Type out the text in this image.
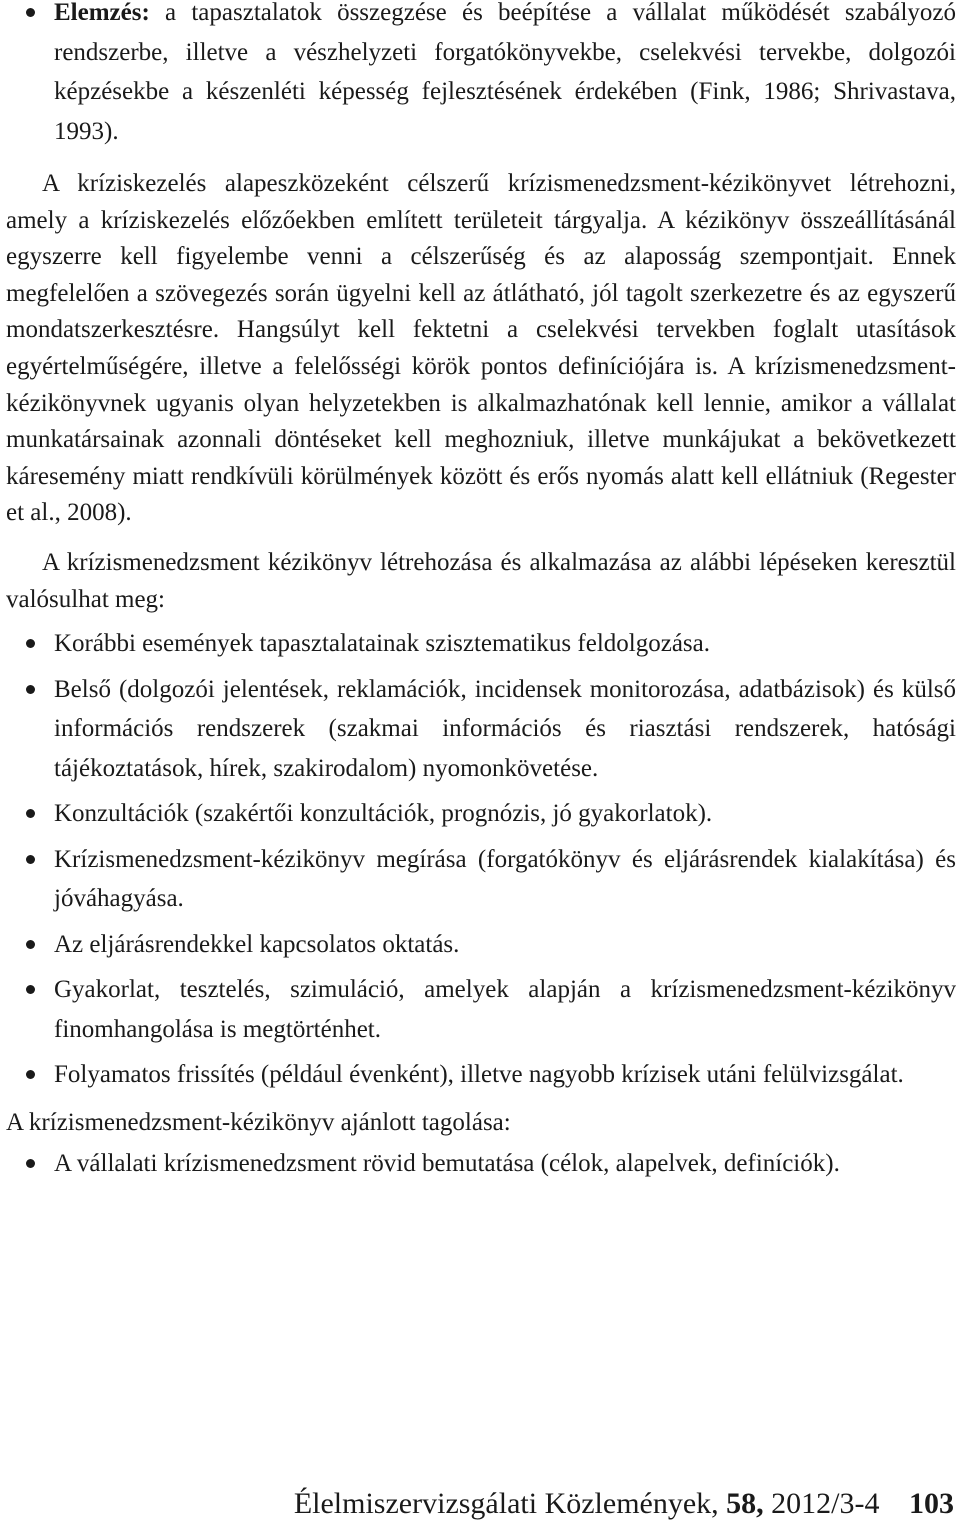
Elemzés: a tapasztalatok összegzése és beépítése a vállalat működését szabályozó rendszerbe, illetve a vészhelyzeti forgatókönyvekbe, cselekvési tervekbe, dolgozói képzésekbe a készenléti képesség fejlesztésének érdekében (Fink, 1986; Shrivastava, 1993).

A kríziskezelés alapeszközeként célszerű krízismenedzsment-kézikönyvet létrehozni, amely a kríziskezelés előzőekben említett területeit tárgyalja. A kézikönyv összeállításánál egyszerre kell figyelembe venni a célszerűség és az alaposság szempontjait. Ennek megfelelően a szövegezés során ügyelni kell az átlátható, jól tagolt szerkezetre és az egyszerű mondatszerkesztésre. Hangsúlyt kell fektetni a cselekvési tervekben foglalt utasítások egyértelműségére, illetve a felelősségi körök pontos definíciójára is. A krízismenedzsment-kézikönyvnek ugyanis olyan helyzetekben is alkalmazhatónak kell lennie, amikor a vállalat munkatársainak azonnali döntéseket kell meghozniuk, illetve munkájukat a bekövetkezett káresemény miatt rendkívüli körülmények között és erős nyomás alatt kell ellátniuk (Regester et al., 2008).

A krízismenedzsment kézikönyv létrehozása és alkalmazása az alábbi lépéseken keresztül valósulhat meg:

Korábbi események tapasztalatainak szisztematikus feldolgozása.
Belső (dolgozói jelentések, reklamációk, incidensek monitorozása, adatbázisok) és külső információs rendszerek (szakmai információs és riasztási rendszerek, hatósági tájékoztatások, hírek, szakirodalom) nyomonkövetése.
Konzultációk (szakértői konzultációk, prognózis, jó gyakorlatok).
Krízismenedzsment-kézikönyv megírása (forgatókönyv és eljárásrendek kialakítása) és jóváhagyása.
Az eljárásrendekkel kapcsolatos oktatás.
Gyakorlat, tesztelés, szimuláció, amelyek alapján a krízismenedzsment-kézikönyv finomhangolása is megtörténhet.
Folyamatos frissítés (például évenként), illetve nagyobb krízisek utáni felülvizsgálat.

A krízismenedzsment-kézikönyv ajánlott tagolása:

A vállalati krízismenedzsment rövid bemutatása (célok, alapelvek, definíciók).
Élelmiszervizsgálati Közlemények, 58, 2012/3-4 103
